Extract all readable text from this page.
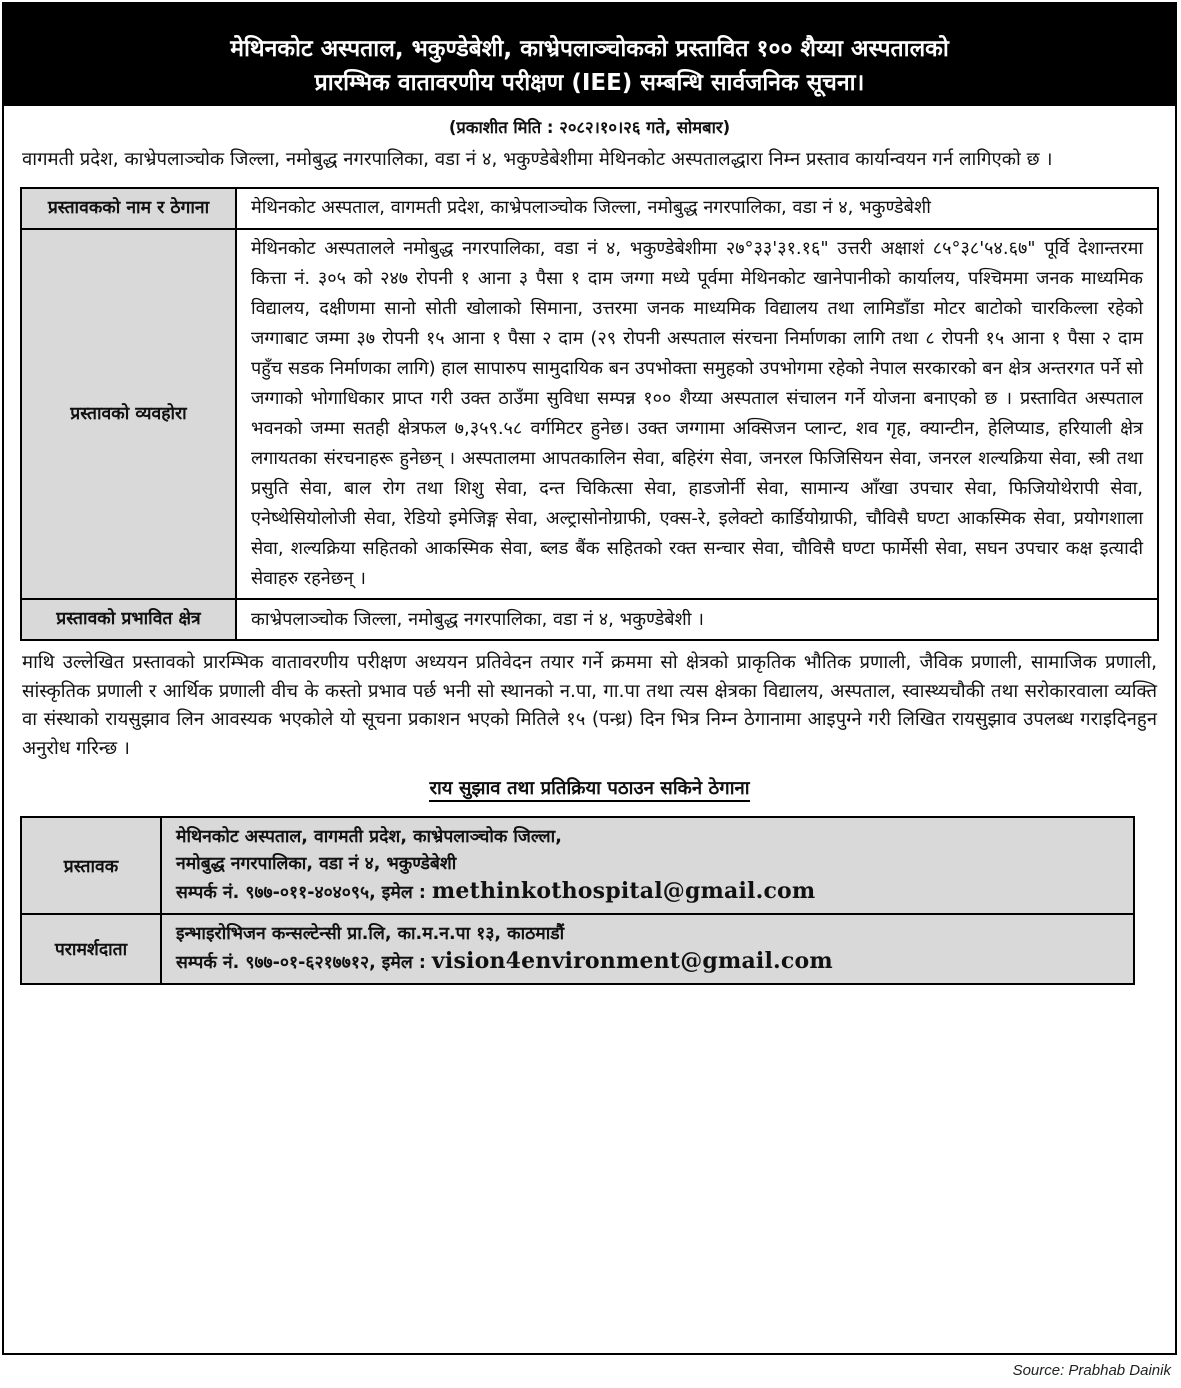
मेथिनकोट अस्पताल, भकुण्डेबेशी, काभ्रेपलाञ्चोकको प्रस्तावित १०० शैय्या अस्पतालको
प्रारम्भिक वातावरणीय परीक्षण (IEE) सम्बन्धि सार्वजनिक सूचना।
(प्रकाशीत मिति : २०८२।१०।२६ गते, सोमबार)

वागमती प्रदेश, काभ्रेपलाञ्चोक जिल्ला, नमोबुद्ध नगरपालिका, वडा नं ४, भकुण्डेबेशीमा मेथिनकोट अस्पतालद्धारा निम्न प्रस्ताव कार्यान्वयन गर्न लागिएको छ ।

प्रस्तावकको नाम र ठेगाना	मेथिनकोट अस्पताल, वागमती प्रदेश, काभ्रेपलाञ्चोक जिल्ला, नमोबुद्ध नगरपालिका, वडा नं ४, भकुण्डेबेशी
प्रस्तावको व्यवहोरा	मेथिनकोट अस्पतालले नमोबुद्ध नगरपालिका, वडा नं ४, भकुण्डेबेशीमा २७°३३'३१.१६" उत्तरी अक्षाशं ८५°३८'५४.६७" पूर्वि देशान्तरमा कित्ता नं. ३०५ को २४७ रोपनी १ आना ३ पैसा १ दाम जग्गा मध्ये पूर्वमा मेथिनकोट खानेपानीको कार्यालय, पश्चिममा जनक माध्यमिक विद्यालय, दक्षीणमा सानो सोती खोलाको सिमाना, उत्तरमा जनक माध्यमिक विद्यालय तथा लामिडाँडा मोटर बाटोको चारकिल्ला रहेको जग्गाबाट जम्मा ३७ रोपनी १५ आना १ पैसा २ दाम (२९ रोपनी अस्पताल संरचना निर्माणका लागि तथा ८ रोपनी १५ आना १ पैसा २ दाम पहुँच सडक निर्माणका लागि) हाल सापारुप सामुदायिक बन उपभोक्ता समुहको उपभोगमा रहेको नेपाल सरकारको बन क्षेत्र अन्तरगत पर्ने सो जग्गाको भोगाधिकार प्राप्त गरी उक्त ठाउँमा सुविधा सम्पन्न १०० शैय्या अस्पताल संचालन गर्ने योजना बनाएको छ । प्रस्तावित अस्पताल भवनको जम्मा सतही क्षेत्रफल ७,३५९.५८ वर्गमिटर हुनेछ। उक्त जग्गामा अक्सिजन प्लान्ट, शव गृह, क्यान्टीन, हेलिप्याड, हरियाली क्षेत्र लगायतका संरचनाहरू हुनेछन् । अस्पतालमा आपतकालिन सेवा, बहिरंग सेवा, जनरल फिजिसियन सेवा, जनरल शल्यक्रिया सेवा, स्त्री तथा प्रसुति सेवा, बाल रोग तथा शिशु सेवा, दन्त चिकित्सा सेवा, हाडजोर्नी सेवा, सामान्य आँखा उपचार सेवा, फिजियोथेरापी सेवा, एनेष्थेसियोलोजी सेवा, रेडियो इमेजिङ्ग सेवा, अल्ट्रासोनोग्राफी, एक्स-रे, इलेक्टो कार्डियोग्राफी, चौविसै घण्टा आकस्मिक सेवा, प्रयोगशाला सेवा, शल्यक्रिया सहितको आकस्मिक सेवा, ब्लड बैंक सहितको रक्त सन्चार सेवा, चौविसै घण्टा फार्मेसी सेवा, सघन उपचार कक्ष इत्यादी सेवाहरु रहनेछन् ।
प्रस्तावको प्रभावित क्षेत्र	काभ्रेपलाञ्चोक जिल्ला, नमोबुद्ध नगरपालिका, वडा नं ४, भकुण्डेबेशी ।

माथि उल्लेखित प्रस्तावको प्रारम्भिक वातावरणीय परीक्षण अध्ययन प्रतिवेदन तयार गर्ने क्रममा सो क्षेत्रको प्राकृतिक भौतिक प्रणाली, जैविक प्रणाली, सामाजिक प्रणाली, सांस्कृतिक प्रणाली र आर्थिक प्रणाली वीच के कस्तो प्रभाव पर्छ भनी सो स्थानको न.पा, गा.पा तथा त्यस क्षेत्रका विद्यालय, अस्पताल, स्वास्थ्यचौकी तथा सरोकारवाला व्यक्ति वा संस्थाको रायसुझाव लिन आवस्यक भएकोले यो सूचना प्रकाशन भएको मितिले १५ (पन्ध्र) दिन भित्र निम्न ठेगानामा आइपुग्ने गरी लिखित रायसुझाव उपलब्ध गराइदिनहुन अनुरोध गरिन्छ ।

राय सुझाव तथा प्रतिक्रिया पठाउन सकिने ठेगाना
प्रस्तावक	मेथिनकोट अस्पताल, वागमती प्रदेश, काभ्रेपलाञ्चोक जिल्ला,
नमोबुद्ध नगरपालिका, वडा नं ४, भकुण्डेबेशी
सम्पर्क नं. ९७७-०११-४०४०९५, इमेल : methinkothospital@gmail.com

परामर्शदाता	इन्भाइरोभिजन कन्सल्टेन्सी प्रा.लि, का.म.न.पा १३, काठमाडौं
सम्पर्क नं. ९७७-०१-६२१७७१२, इमेल : vision4environment@gmail.com
Source: Prabhab Dainik
